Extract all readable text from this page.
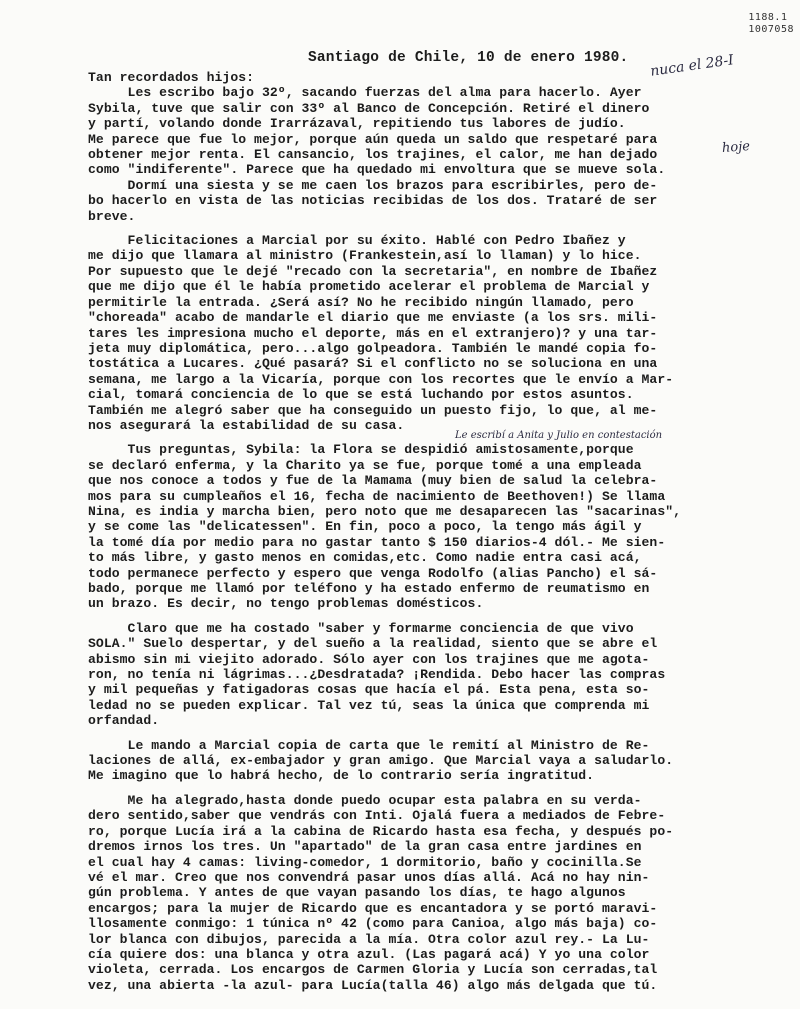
1188.1
1007058
nuca el 28-I
hoje
Le escribí a Anita y Julio en contestación
Santiago de Chile, 10 de enero 1980.

Tan recordados hijos:

Les escribo bajo 32º, sacando fuerzas del alma para hacerlo. Ayer

Sybila, tuve que salir con 33º al Banco de Concepción. Retiré el dinero

y partí, volando donde Irarrázaval, repitiendo tus labores de judío.

Me parece que fue lo mejor, porque aún queda un saldo que respetaré para

obtener mejor renta. El cansancio, los trajines, el calor, me han dejado

como "indiferente". Parece que ha quedado mi envoltura que se mueve sola.

Dormí una siesta y se me caen los brazos para escribirles, pero de-

bo hacerlo en vista de las noticias recibidas de los dos. Trataré de ser

breve.

Felicitaciones a Marcial por su éxito. Hablé con Pedro Ibañez y

me dijo que llamara al ministro (Frankestein,así lo llaman) y lo hice.

Por supuesto que le dejé "recado con la secretaria", en nombre de Ibañez

que me dijo que él le había prometido acelerar el problema de Marcial y

permitirle la entrada. ¿Será así? No he recibido ningún llamado, pero

"choreada" acabo de mandarle el diario que me enviaste (a los srs. mili-

tares les impresiona mucho el deporte, más en el extranjero)? y una tar-

jeta muy diplomática, pero...algo golpeadora. También le mandé copia fo-

tostática a Lucares. ¿Qué pasará? Si el conflicto no se soluciona en una

semana, me largo a la Vicaría, porque con los recortes que le envío a Mar-

cial, tomará conciencia de lo que se está luchando por estos asuntos.

También me alegró saber que ha conseguido un puesto fijo, lo que, al me-

nos asegurará la estabilidad de su casa.

Tus preguntas, Sybila: la Flora se despidió amistosamente,porque

se declaró enferma, y la Charito ya se fue, porque tomé a una empleada

que nos conoce a todos y fue de la Mamama (muy bien de salud la celebra-

mos para su cumpleaños el 16, fecha de nacimiento de Beethoven!) Se llama

Nina, es india y marcha bien, pero noto que me desaparecen las "sacarinas",

y se come las "delicatessen". En fin, poco a poco, la tengo más ágil y

la tomé día por medio para no gastar tanto $ 150 diarios-4 dól.- Me sien-

to más libre, y gasto menos en comidas,etc. Como nadie entra casi acá,

todo permanece perfecto y espero que venga Rodolfo (alias Pancho) el sá-

bado, porque me llamó por teléfono y ha estado enfermo de reumatismo en

un brazo. Es decir, no tengo problemas domésticos.

Claro que me ha costado "saber y formarme conciencia de que vivo

SOLA." Suelo despertar, y del sueño a la realidad, siento que se abre el

abismo sin mi viejito adorado. Sólo ayer con los trajines que me agota-

ron, no tenía ni lágrimas...¿Desdratada? ¡Rendida. Debo hacer las compras

y mil pequeñas y fatigadoras cosas que hacía el pá. Esta pena, esta so-

ledad no se pueden explicar. Tal vez tú, seas la única que comprenda mi

orfandad.

Le mando a Marcial copia de carta que le remití al Ministro de Re-

laciones de allá, ex-embajador y gran amigo. Que Marcial vaya a saludarlo.

Me imagino que lo habrá hecho, de lo contrario sería ingratitud.

Me ha alegrado,hasta donde puedo ocupar esta palabra en su verda-

dero sentido,saber que vendrás con Inti. Ojalá fuera a mediados de Febre-

ro, porque Lucía irá a la cabina de Ricardo hasta esa fecha, y después po-

dremos irnos los tres. Un "apartado" de la gran casa entre jardines en

el cual hay 4 camas: living-comedor, 1 dormitorio, baño y cocinilla.Se

vé el mar. Creo que nos convendrá pasar unos días allá. Acá no hay nin-

gún problema. Y antes de que vayan pasando los días, te hago algunos

encargos; para la mujer de Ricardo que es encantadora y se portó maravi-

llosamente conmigo: 1 túnica nº 42 (como para Canioa, algo más baja) co-

lor blanca con dibujos, parecida a la mía. Otra color azul rey.- La Lu-

cía quiere dos: una blanca y otra azul. (Las pagará acá) Y yo una color

violeta, cerrada. Los encargos de Carmen Gloria y Lucía son cerradas,tal

vez, una abierta -la azul- para Lucía(talla 46) algo más delgada que tú.
